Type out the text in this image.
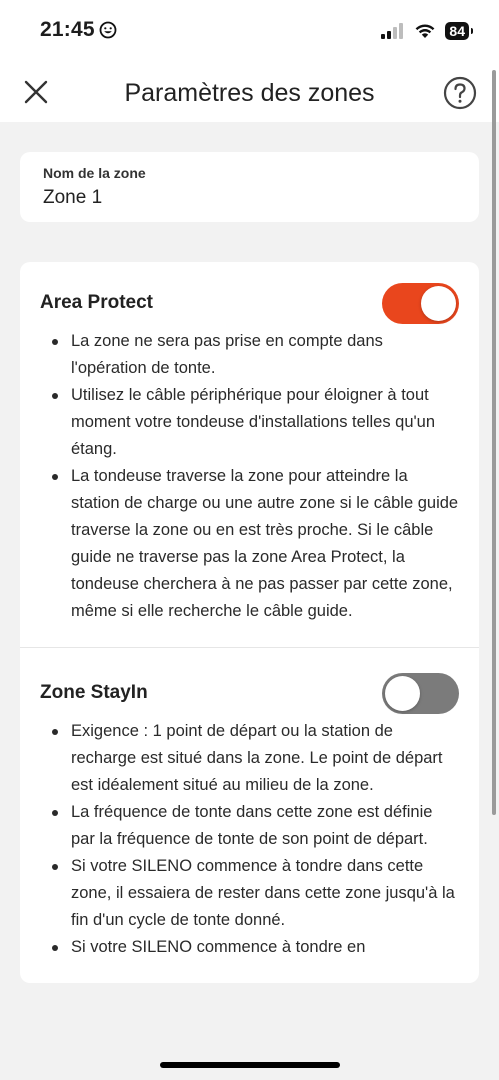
21:45	84
Paramètres des zones
Nom de la zone
Zone 1
Area Protect
La zone ne sera pas prise en compte dans l'opération de tonte.
Utilisez le câble périphérique pour éloigner à tout moment votre tondeuse d'installations telles qu'un étang.
La tondeuse traverse la zone pour atteindre la station de charge ou une autre zone si le câble guide traverse la zone ou en est très proche. Si le câble guide ne traverse pas la zone Area Protect, la tondeuse cherchera à ne pas passer par cette zone, même si elle recherche le câble guide.
Zone StayIn
Exigence : 1 point de départ ou la station de recharge est situé dans la zone. Le point de départ est idéalement situé au milieu de la zone.
La fréquence de tonte dans cette zone est définie par la fréquence de tonte de son point de départ.
Si votre SILENO commence à tondre dans cette zone, il essaiera de rester dans cette zone jusqu'à la fin d'un cycle de tonte donné.
Si votre SILENO commence à tondre en
